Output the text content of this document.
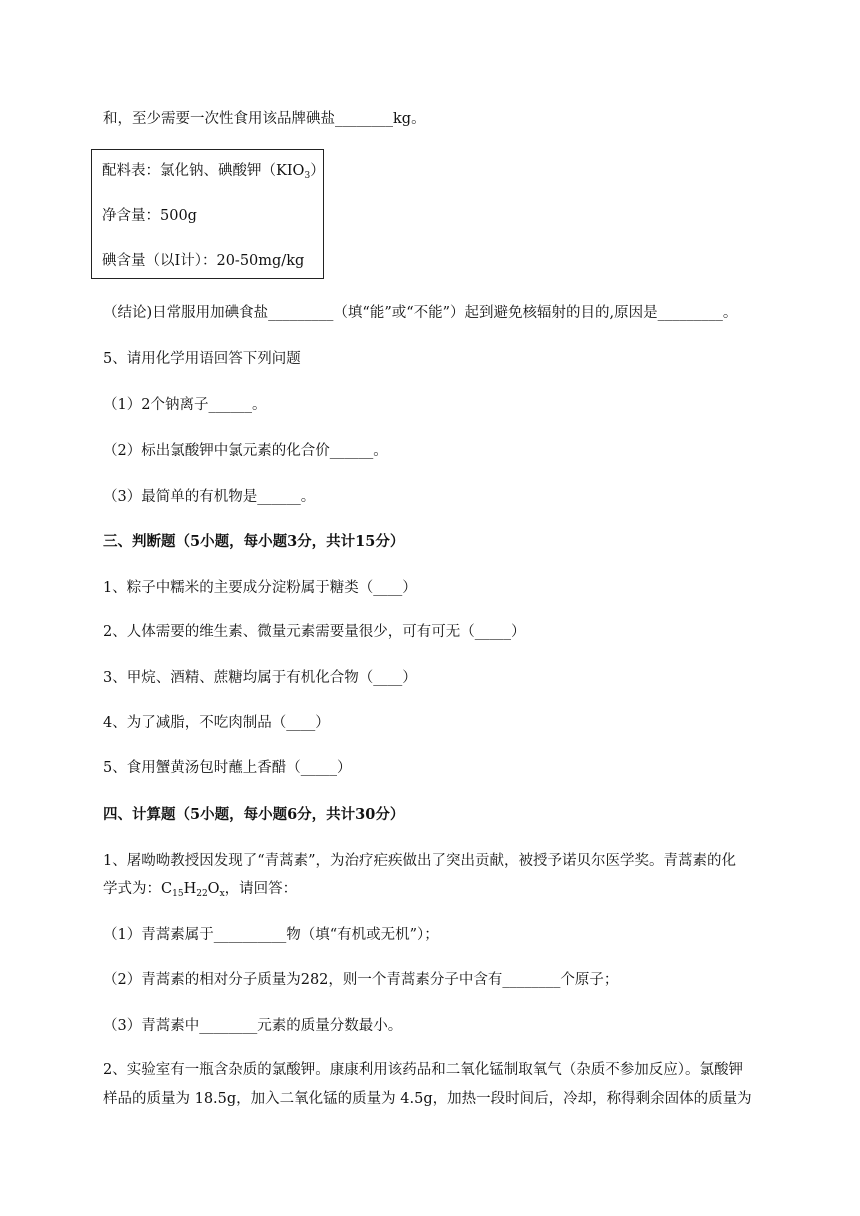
和，至少需要一次性食用该品牌碘盐________kg。
配料表：氯化钠、碘酸钾$(KIO_3)$
净含量：500g
碘含量（以I计）：20-50mg/kg
（结论)日常服用加碘食盐_________（填“能”或“不能”）起到避免核辐射的目的,原因是_________。
5、请用化学用语回答下列问题
（1）2个钠离子______。
（2）标出氯酸钾中氯元素的化合价______。
（3）最简单的有机物是______。
三、判断题（5小题，每小题3分，共计15分）
1、粽子中糯米的主要成分淀粉属于糖类（____）
2、人体需要的维生素、微量元素需要量很少，可有可无（_____）
3、甲烷、酒精、蔗糖均属于有机化合物（____）
4、为了减脂，不吃肉制品（____）
5、食用蟹黄汤包时蘸上香醋（_____）
四、计算题（5小题，每小题6分，共计30分）
1、屠呦呦教授因发现了“青蒿素”，为治疗疟疾做出了突出贡献，被授予诺贝尔医学奖。青蒿素的化
学式为：$C_{15}H_{22}O_x$，请回答：
（1）青蒿素属于__________物（填“有机或无机”）；
（2）青蒿素的相对分子质量为282，则一个青蒿素分子中含有________个原子；
（3）青蒿素中________元素的质量分数最小。
2、实验室有一瓶含杂质的氯酸钾。康康利用该药品和二氧化锰制取氧气（杂质不参加反应）。氯酸钾
样品的质量为 18.5g，加入二氧化锰的质量为 4.5g，加热一段时间后，冷却，称得剩余固体的质量为
